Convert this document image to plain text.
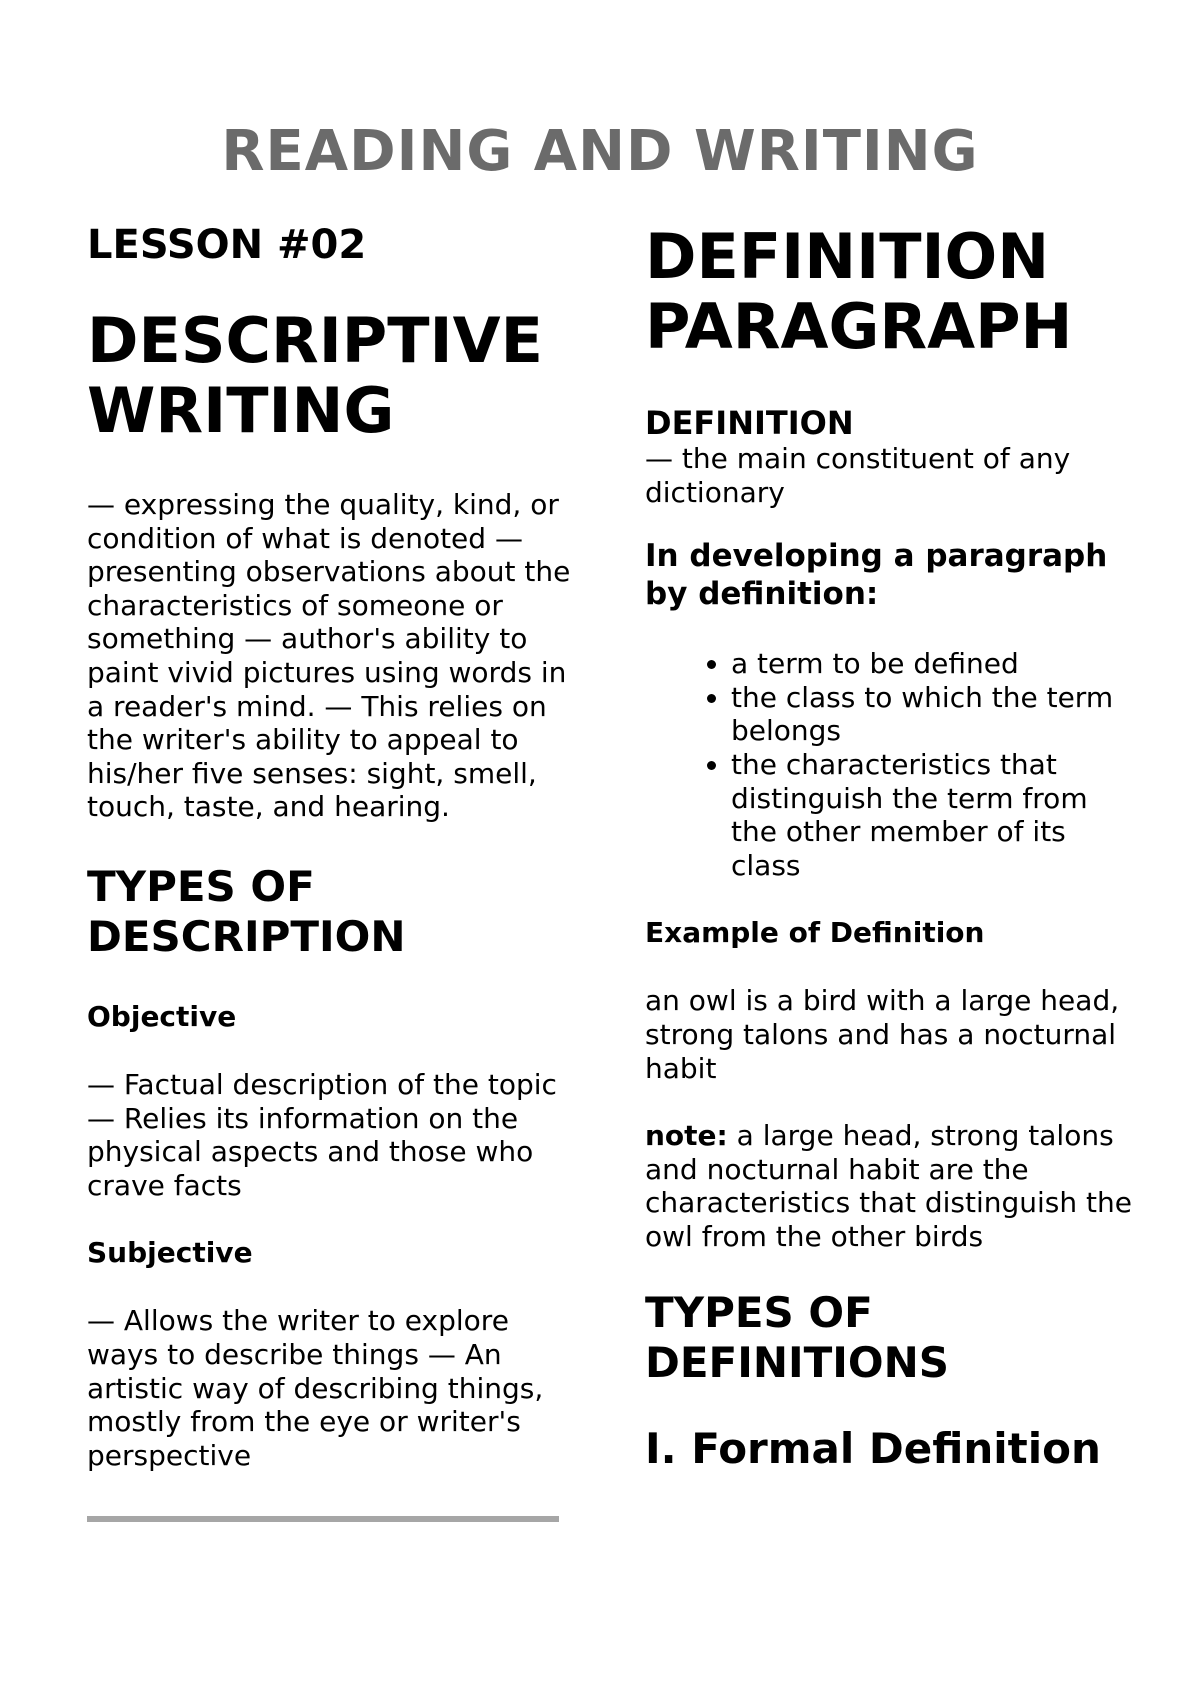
READING AND WRITING
LESSON #02
DESCRIPTIVE WRITING

— expressing the quality, kind, or condition of what is denoted — presenting observations about the characteristics of someone or something — author's ability to paint vivid pictures using words in a reader's mind. — This relies on the writer's ability to appeal to his/her five senses: sight, smell, touch, taste, and hearing.

TYPES OF DESCRIPTION
Objective

— Factual description of the topic — Relies its information on the physical aspects and those who crave facts

Subjective

— Allows the writer to explore ways to describe things — An artistic way of describing things, mostly from the eye or writer's perspective

DEFINITION PARAGRAPH
DEFINITION

— the main constituent of any dictionary

In developing a paragraph by definition:
• a term to be defined
• the class to which the term belongs
• the characteristics that distinguish the term from the other member of its class
Example of Definition

an owl is a bird with a large head, strong talons and has a nocturnal habit

note: a large head, strong talons and nocturnal habit are the characteristics that distinguish the owl from the other birds

TYPES OF DEFINITIONS
I. Formal Definition
